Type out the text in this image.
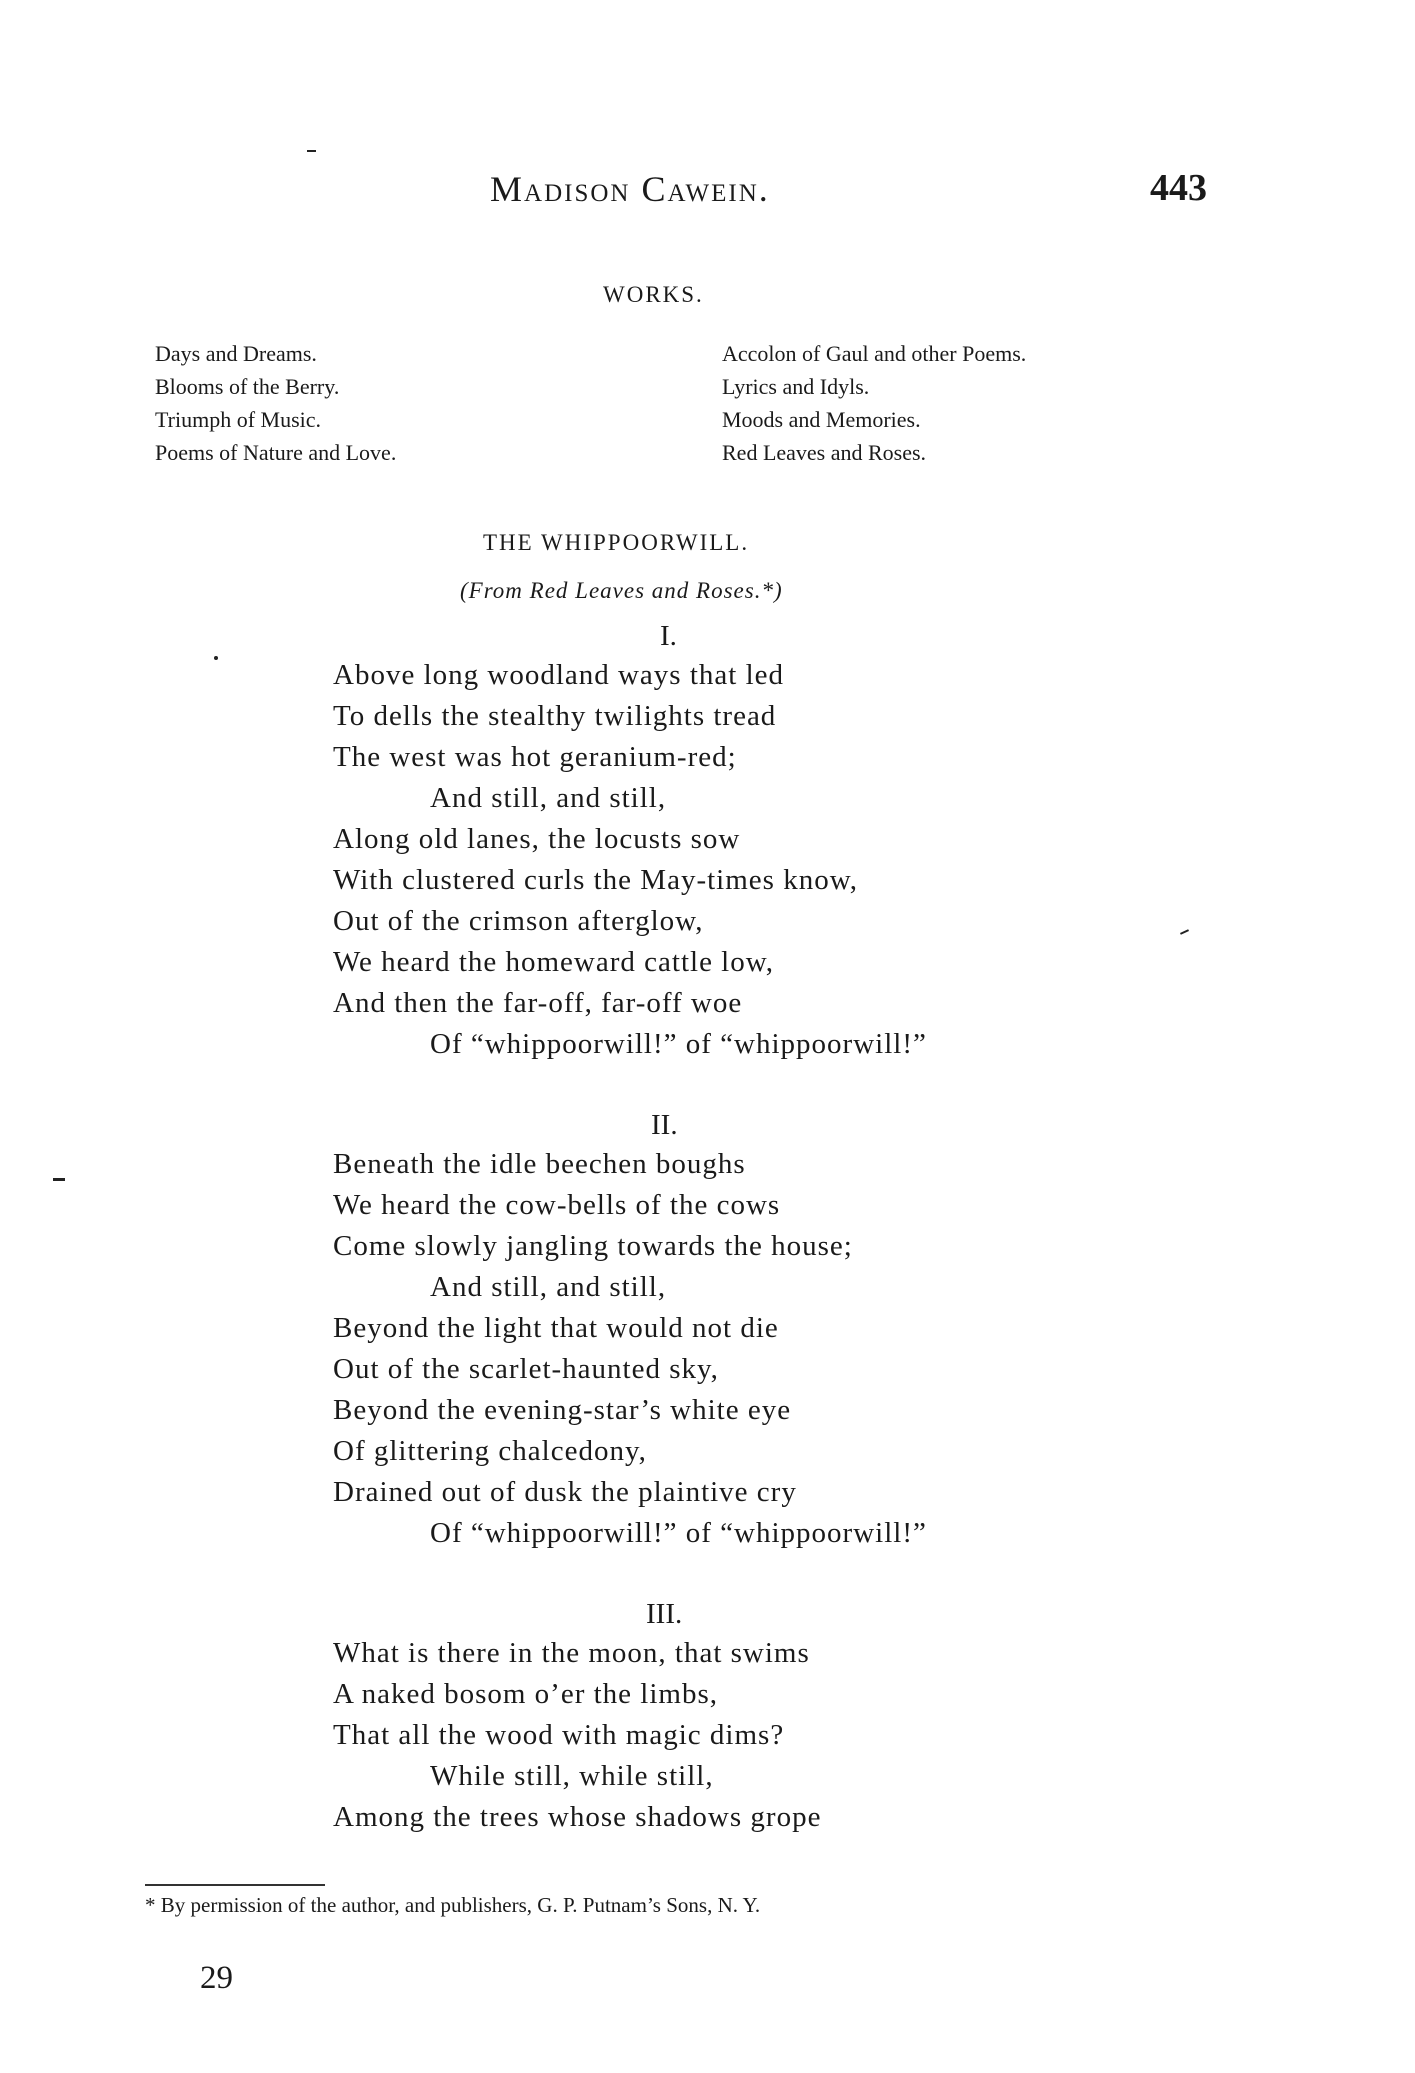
Madison Cawein.	443
WORKS.
Days and Dreams.
Blooms of the Berry.
Triumph of Music.
Poems of Nature and Love.
Accolon of Gaul and other Poems.
Lyrics and Idyls.
Moods and Memories.
Red Leaves and Roses.
THE WHIPPOORWILL.
(From Red Leaves and Roses.*)
I.
Above long woodland ways that led
To dells the stealthy twilights tread
The west was hot geranium-red;
And still, and still,
Along old lanes, the locusts sow
With clustered curls the May-times know,
Out of the crimson afterglow,
We heard the homeward cattle low,
And then the far-off, far-off woe
Of “whippoorwill!” of “whippoorwill!”
II.
Beneath the idle beechen boughs
We heard the cow-bells of the cows
Come slowly jangling towards the house;
And still, and still,
Beyond the light that would not die
Out of the scarlet-haunted sky,
Beyond the evening-star’s white eye
Of glittering chalcedony,
Drained out of dusk the plaintive cry
Of “whippoorwill!” of “whippoorwill!”
III.
What is there in the moon, that swims
A naked bosom o’er the limbs,
That all the wood with magic dims?
While still, while still,
Among the trees whose shadows grope
* By permission of the author, and publishers, G. P. Putnam’s Sons, N. Y.
29
